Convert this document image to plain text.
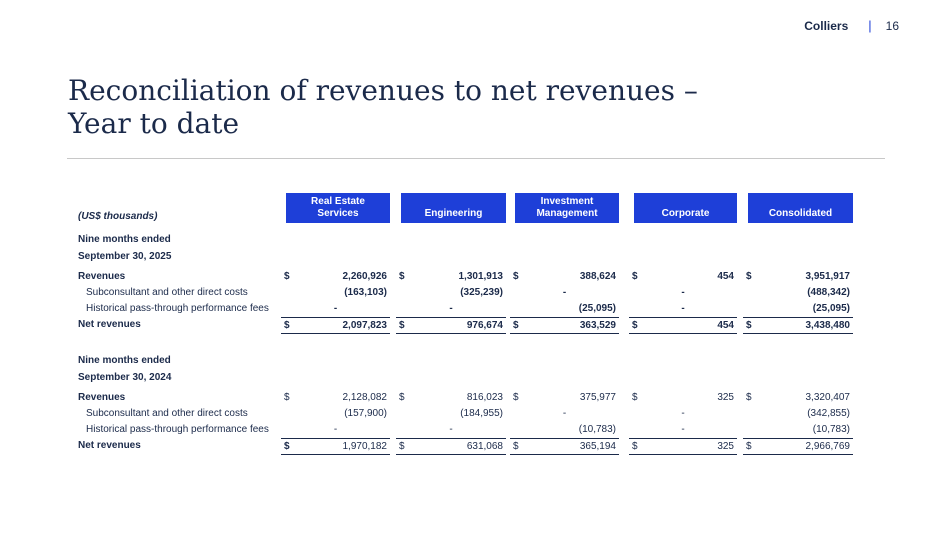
Colliers | 16
Reconciliation of revenues to net revenues –
Year to date
(US$ thousands)
Real Estate
Services	Engineering
Investment
Management	Corporate	Consolidated
Nine months ended
September 30, 2025
Revenues	$	2,260,926 $	1,301,913 $	388,624 $	454 $	3,951,917
Subconsultant and other direct costs	(163,103)	(325,239)	-	-	(488,342)
Historical pass-through performance fees	-	-	(25,095)	-	(25,095)
Net revenues	$	2,097,823 $	976,674 $	363,529 $	454 $	3,438,480
Nine months ended
September 30, 2024
Revenues	$	2,128,082 $	816,023 $	375,977 $	325 $	3,320,407
Subconsultant and other direct costs	(157,900)	(184,955)	-	-	(342,855)
Historical pass-through performance fees	-	-	(10,783)	-	(10,783)
Net revenues	$	1,970,182 $	631,068 $	365,194 $	325 $	2,966,769
